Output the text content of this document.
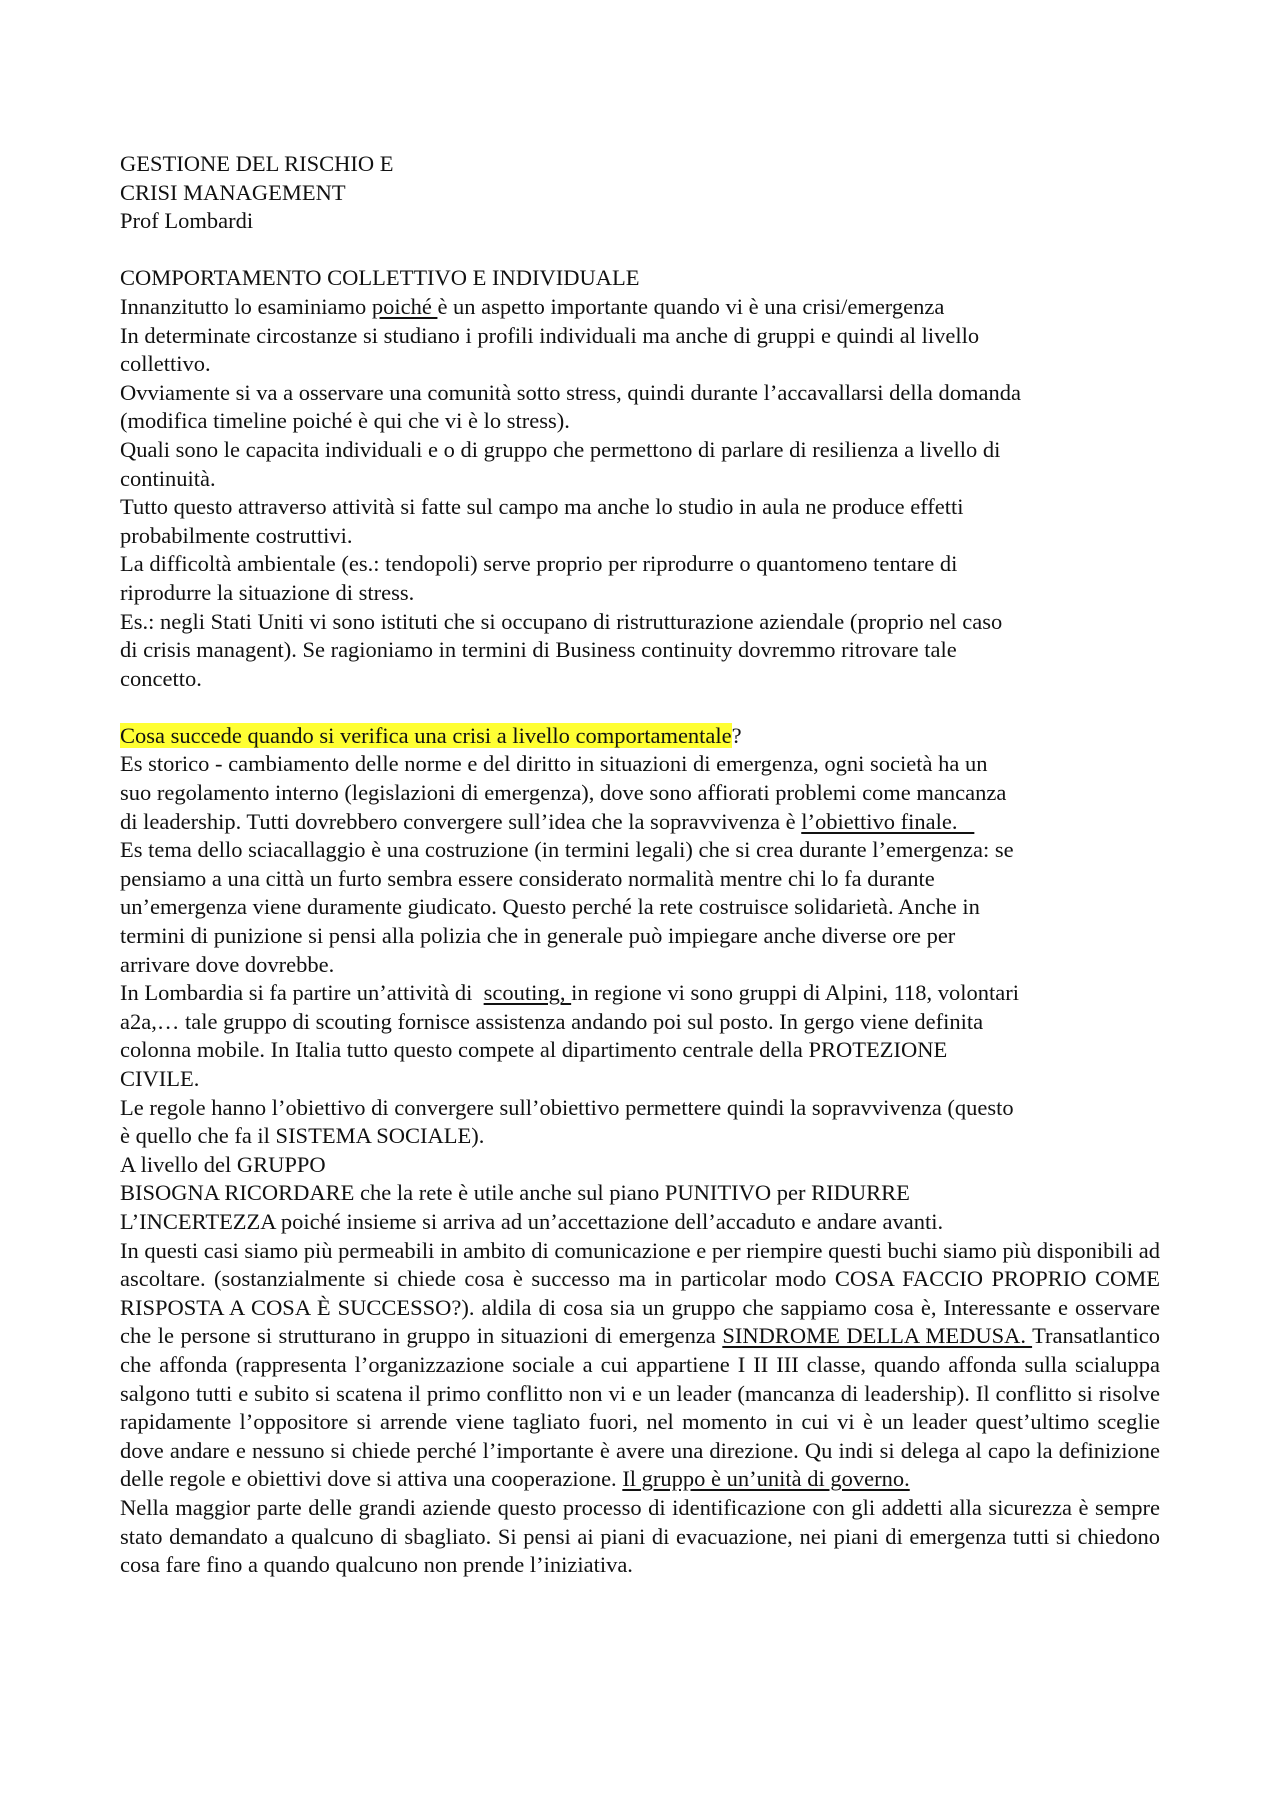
GESTIONE DEL RISCHIO E
CRISI MANAGEMENT
Prof Lombardi
COMPORTAMENTO COLLETTIVO E INDIVIDUALE
Innanzitutto lo esaminiamo poiché è un aspetto importante quando vi è una crisi/emergenza
In determinate circostanze si studiano i profili individuali ma anche di gruppi e quindi al livello
collettivo.
Ovviamente si va a osservare una comunità sotto stress, quindi durante l’accavallarsi della domanda
(modifica timeline poiché è qui che vi è lo stress).
Quali sono le capacita individuali e o di gruppo che permettono di parlare di resilienza a livello di
continuità.
Tutto questo attraverso attività si fatte sul campo ma anche lo studio in aula ne produce effetti
probabilmente costruttivi.
La difficoltà ambientale (es.: tendopoli) serve proprio per riprodurre o quantomeno tentare di
riprodurre la situazione di stress.
Es.: negli Stati Uniti vi sono istituti che si occupano di ristrutturazione aziendale (proprio nel caso
di crisis managent). Se ragioniamo in termini di Business continuity dovremmo ritrovare tale
concetto.
Cosa succede quando si verifica una crisi a livello comportamentale?
Es storico - cambiamento delle norme e del diritto in situazioni di emergenza, ogni società ha un
suo regolamento interno (legislazioni di emergenza), dove sono affiorati problemi come mancanza
di leadership. Tutti dovrebbero convergere sull’idea che la sopravvivenza è l’obiettivo finale.
Es tema dello sciacallaggio è una costruzione (in termini legali) che si crea durante l’emergenza: se
pensiamo a una città un furto sembra essere considerato normalità mentre chi lo fa durante
un’emergenza viene duramente giudicato. Questo perché la rete costruisce solidarietà. Anche in
termini di punizione si pensi alla polizia che in generale può impiegare anche diverse ore per
arrivare dove dovrebbe.
In Lombardia si fa partire un’attività di  scouting, in regione vi sono gruppi di Alpini, 118, volontari
a2a,… tale gruppo di scouting fornisce assistenza andando poi sul posto. In gergo viene definita
colonna mobile. In Italia tutto questo compete al dipartimento centrale della PROTEZIONE
CIVILE.
Le regole hanno l’obiettivo di convergere sull’obiettivo permettere quindi la sopravvivenza (questo
è quello che fa il SISTEMA SOCIALE).
A livello del GRUPPO
BISOGNA RICORDARE che la rete è utile anche sul piano PUNITIVO per RIDURRE
L’INCERTEZZA poiché insieme si arriva ad un’accettazione dell’accaduto e andare avanti.

In questi casi siamo più permeabili in ambito di comunicazione e per riempire questi buchi siamo più disponibili ad ascoltare. (sostanzialmente si chiede cosa è successo ma in particolar modo COSA FACCIO PROPRIO COME RISPOSTA A COSA È SUCCESSO?). aldila di cosa sia un gruppo che sappiamo cosa è, Interessante e osservare che le persone si strutturano in gruppo in situazioni di emergenza SINDROME DELLA MEDUSA. Transatlantico che affonda (rappresenta l’organizzazione sociale a cui appartiene I II III classe, quando affonda sulla scialuppa salgono tutti e subito si scatena il primo conflitto non vi e un leader (mancanza di leadership). Il conflitto si risolve rapidamente l’oppositore si arrende viene tagliato fuori, nel momento in cui vi è un leader quest’ultimo sceglie dove andare e nessuno si chiede perché l’importante è avere una direzione. Qu indi si delega al capo la definizione delle regole e obiettivi dove si attiva una cooperazione. Il gruppo è un’unità di governo.

Nella maggior parte delle grandi aziende questo processo di identificazione con gli addetti alla sicurezza è sempre stato demandato a qualcuno di sbagliato. Si pensi ai piani di evacuazione, nei piani di emergenza tutti si chiedono cosa fare fino a quando qualcuno non prende l’iniziativa.
